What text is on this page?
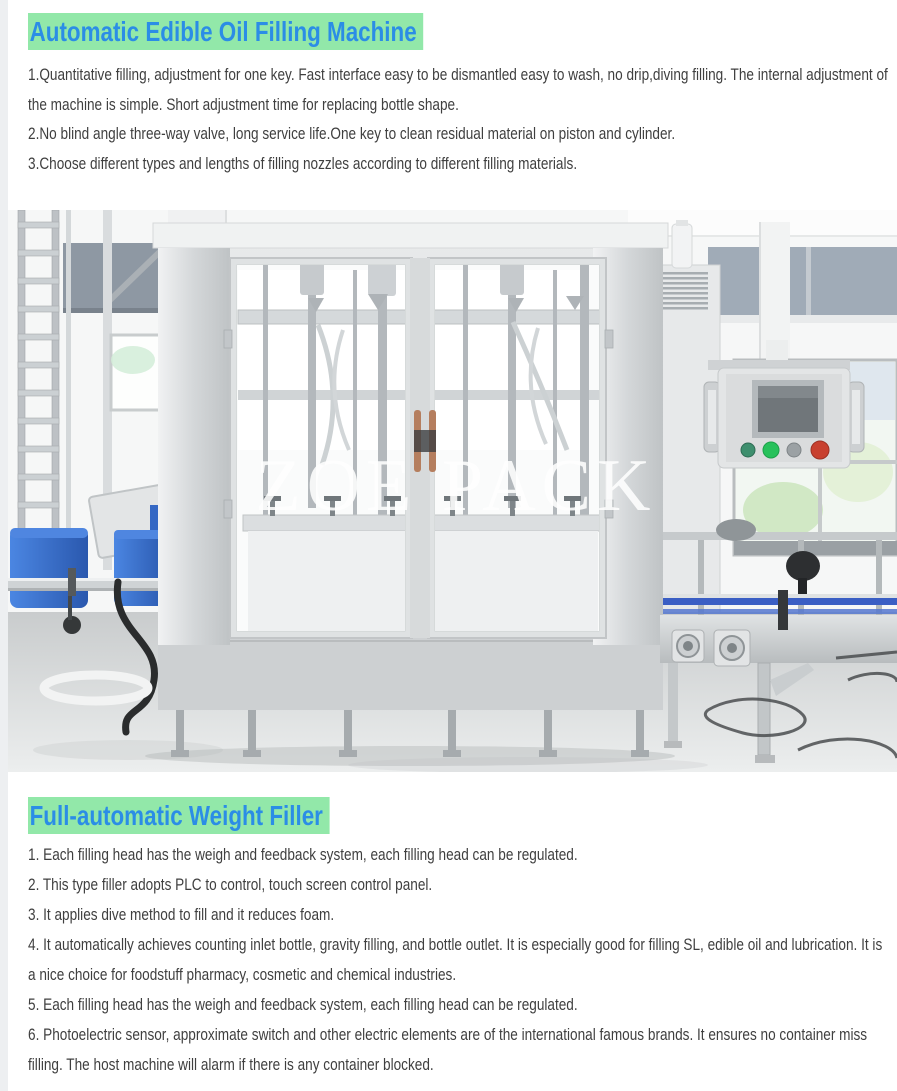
Automatic Edible Oil Filling Machine

1.Quantitative filling, adjustment for one key. Fast interface easy to be dismantled easy to wash, no drip,diving filling. The internal adjustment of the machine is simple. Short adjustment time for replacing bottle shape.

2.No blind angle three-way valve, long service life.One key to clean residual material on piston and cylinder.

3.Choose different types and lengths of filling nozzles according to different filling materials.

ZOE PACK
Full-automatic Weight Filler

1. Each filling head has the weigh and feedback system, each filling head can be regulated.

2. This type filler adopts PLC to control, touch screen control panel.

3. It applies dive method to fill and it reduces foam.

4. It automatically achieves counting inlet bottle, gravity filling, and bottle outlet. It is especially good for filling SL, edible oil and lubrication. It is a nice choice for foodstuff pharmacy, cosmetic and chemical industries.

5. Each filling head has the weigh and feedback system, each filling head can be regulated.

6. Photoelectric sensor, approximate switch and other electric elements are of the international famous brands. It ensures no container miss filling. The host machine will alarm if there is any container blocked.
